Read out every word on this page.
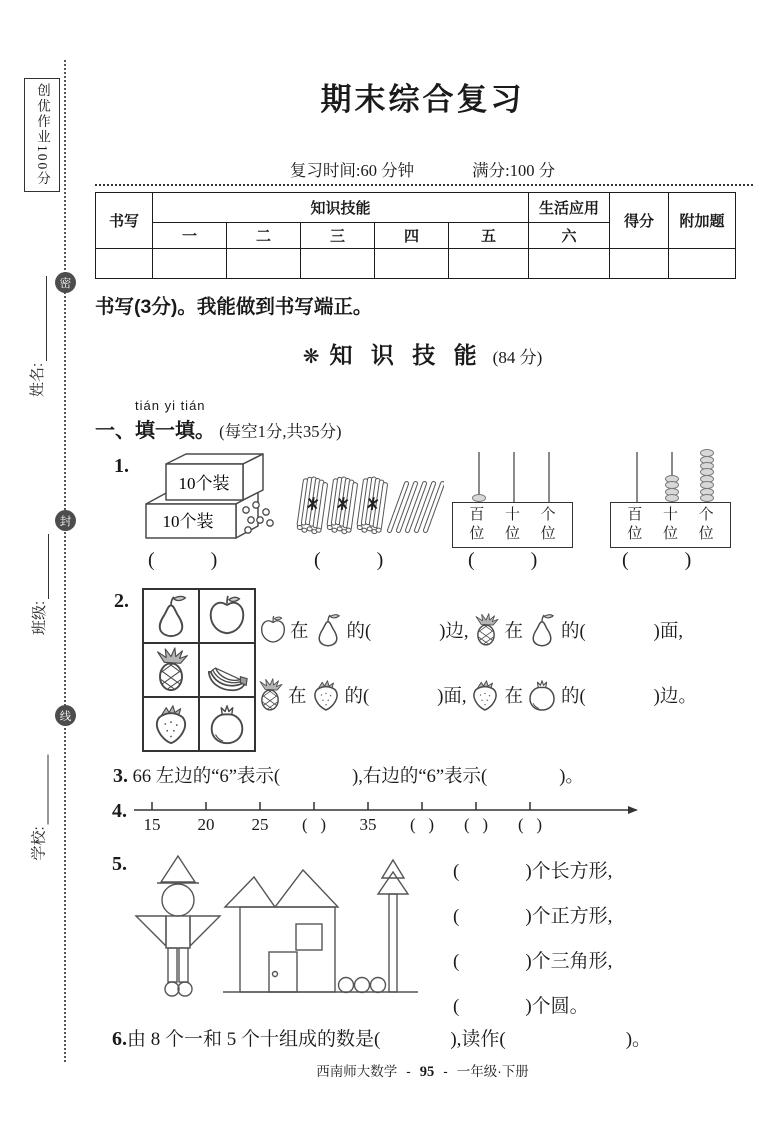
创优作业100分
密
封
线
姓名:
班级:
学校:
期末综合复习
复习时间:60 分钟	满分:100 分
书写	知识技能					生活应用	得分	附加题
	一	二	三	四	五	六		

书写(3分)。我能做到书写端正。
❋ 知 识 技 能 (84 分)
tián yi tián
一、填一填。 (每空1分,共35分)
1.
10个装
10个装	百位
十位
个位
百位
十位
个位
(	)	(	)	(	)	(	)
2.
在 的(	)边, 在 的(	)面,
在 的(	)面, 在 的(	)边。
3. 66 左边的“6”表示(	),右边的“6”表示(	)。
4.
15	20	25	(   )	35	(   )	(   )	(   )
5.	(	)个长方形,
(	)个正方形,
(	)个三角形,
(	)个圆。
6.由 8 个一和 5 个十组成的数是(	),读作(	)。
西南师大数学 - 95 - 一年级·下册
